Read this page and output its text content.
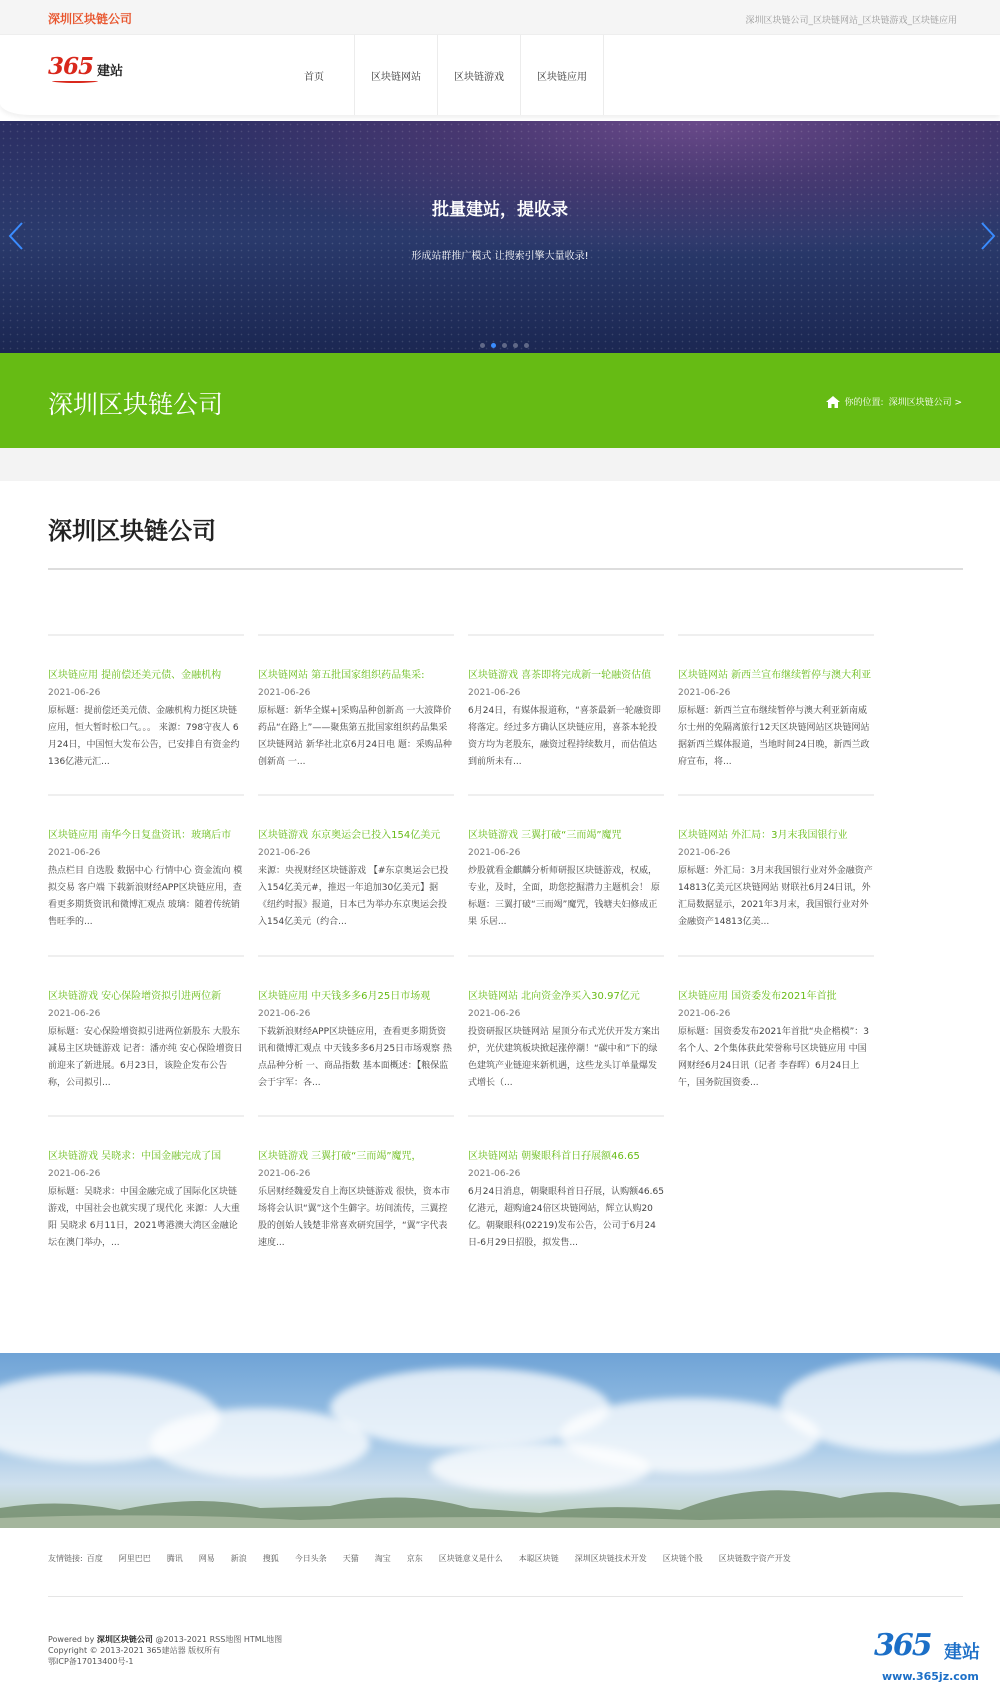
深圳区块链公司	深圳区块链公司_区块链网站_区块链游戏_区块链应用
365 建站	首页	区块链网站	区块链游戏	区块链应用
批量建站，提收录
形成站群推广模式 让搜索引擎大量收录!
深圳区块链公司	你的位置: 深圳区块链公司 >
深圳区块链公司
区块链应用 提前偿还美元债、金融机构
2021-06-26
原标题：提前偿还美元债、金融机构力挺区块链应用，恒大暂时松口气。。。 来源：798守夜人 6月24日，中国恒大发布公告，已安排自有资金约136亿港元汇...
区块链网站 第五批国家组织药品集采:
2021-06-26
原标题：新华全媒+|采购品种创新高 一大波降价药品“在路上”——聚焦第五批国家组织药品集采区块链网站 新华社北京6月24日电 题：采购品种创新高 一...
区块链游戏 喜茶即将完成新一轮融资估值
2021-06-26
6月24日，有媒体报道称，“喜茶最新一轮融资即将落定。经过多方确认区块链应用，喜茶本轮投资方均为老股东，融资过程持续数月，而估值达到前所未有...
区块链网站 新西兰宣布继续暂停与澳大利亚
2021-06-26
原标题：新西兰宣布继续暂停与澳大利亚新南威尔士州的免隔离旅行12天区块链网站区块链网站 据新西兰媒体报道，当地时间24日晚，新西兰政府宣布，将...
区块链应用 南华今日复盘资讯：玻璃后市
2021-06-26
热点栏目 自选股 数据中心 行情中心 资金流向 模拟交易 客户端 下载新浪财经APP区块链应用，查看更多期货资讯和微博汇观点 玻璃：随着传统销售旺季的...
区块链游戏 东京奥运会已投入154亿美元
2021-06-26
来源：央视财经区块链游戏 【#东京奥运会已投入154亿美元#，推迟一年追加30亿美元】据《纽约时报》报道，日本已为举办东京奥运会投入154亿美元（约合...
区块链游戏 三翼打破“三而竭”魔咒
2021-06-26
炒股就看金麒麟分析师研报区块链游戏，权威，专业，及时，全面，助您挖掘潜力主题机会！ 原标题：三翼打破“三而竭”魔咒，钱塘夫妇修成正果 乐居...
区块链网站 外汇局：3月末我国银行业
2021-06-26
原标题：外汇局：3月末我国银行业对外金融资产14813亿美元区块链网站 财联社6月24日讯，外汇局数据显示，2021年3月末，我国银行业对外金融资产14813亿美...
区块链游戏 安心保险增资拟引进两位新
2021-06-26
原标题：安心保险增资拟引进两位新股东 大股东减易主区块链游戏 记者：潘亦纯 安心保险增资日前迎来了新进展。6月23日，该险企发布公告称，公司拟引...
区块链应用 中天钱多多6月25日市场观
2021-06-26
下载新浪财经APP区块链应用，查看更多期货资讯和微博汇观点 中天钱多多6月25日市场观察 热点品种分析 一、商品指数 基本面概述：【粮保监会于宇军：各...
区块链网站 北向资金净买入30.97亿元
2021-06-26
投资研报区块链网站 屋顶分布式光伏开发方案出炉，光伏建筑板块掀起涨停潮！“碳中和”下的绿色建筑产业链迎来新机遇，这些龙头订单量爆发式增长（...
区块链应用 国资委发布2021年首批
2021-06-26
原标题：国资委发布2021年首批“央企楷模”：3名个人、2个集体获此荣誉称号区块链应用 中国网财经6月24日讯（记者 李春晖）6月24日上午，国务院国资委...
区块链游戏 吴晓求：中国金融完成了国
2021-06-26
原标题：吴晓求：中国金融完成了国际化区块链游戏，中国社会也就实现了现代化 来源：人大重阳 吴晓求 6月11日，2021粤港澳大湾区金融论坛在澳门举办，...
区块链游戏 三翼打破“三而竭”魔咒，
2021-06-26
乐居财经魏爱发自上海区块链游戏 很快，资本市场将会认识“翼”这个生僻字。坊间流传，三翼控股的创始人钱楚非常喜欢研究国学，“翼”字代表速度...
区块链网站 朝聚眼科首日孖展额46.65
2021-06-26
6月24日消息，朝聚眼科首日孖展，认购额46.65亿港元，超购逾24倍区块链网站，辉立认购20亿。朝聚眼科(02219)发布公告，公司于6月24日-6月29日招股，拟发售...
友情链接: 百度 阿里巴巴 腾讯 网易 新浪 搜狐 今日头条 天猫 淘宝 京东 区块链意义是什么 本聪区块链 深圳区块链技术开发 区块链个股 区块链数字资产开发
Powered by 深圳区块链公司 @2013-2021 RSS地图 HTML地图
Copyright © 2013-2021 365建站器 版权所有
鄂ICP备17013400号-1	365 建站
www.365jz.com
